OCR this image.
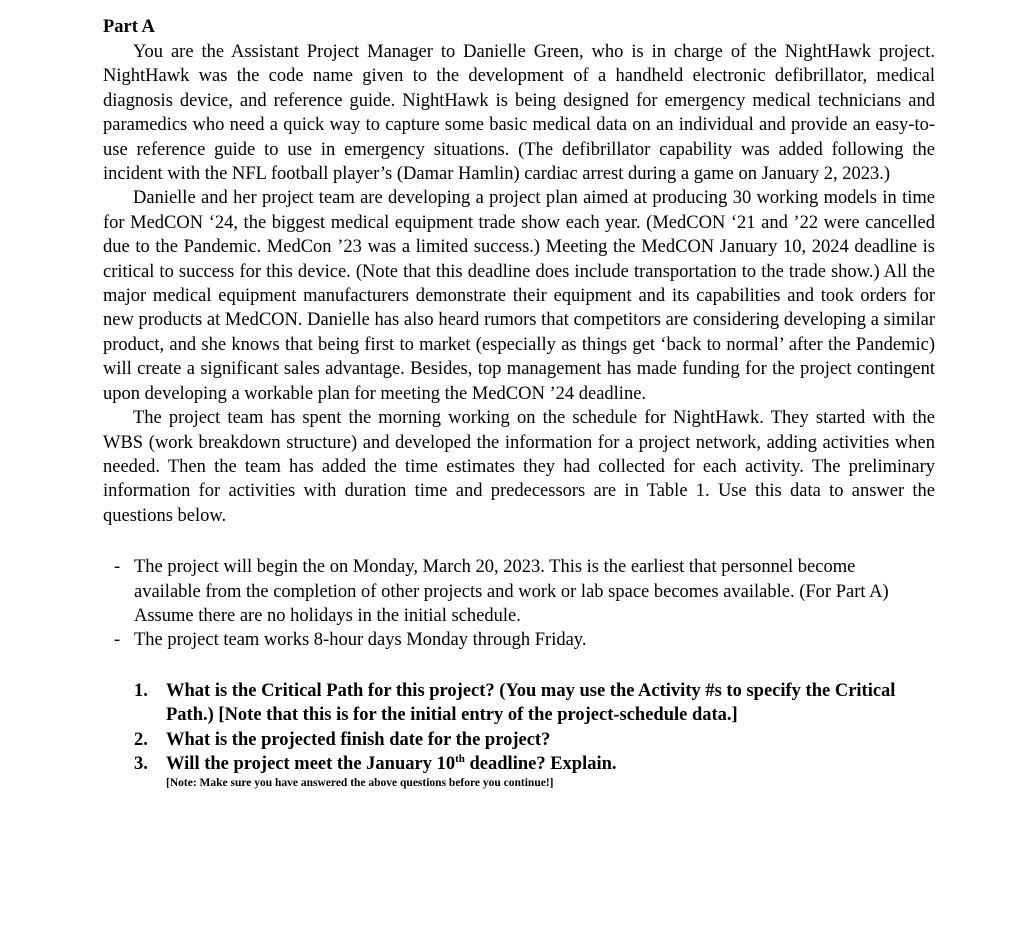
Part A

You are the Assistant Project Manager to Danielle Green, who is in charge of the NightHawk project. NightHawk was the code name given to the development of a handheld electronic defibrillator, medical diagnosis device, and reference guide. NightHawk is being designed for emergency medical technicians and paramedics who need a quick way to capture some basic medical data on an individual and provide an easy-to-use reference guide to use in emergency situations. (The defibrillator capability was added following the incident with the NFL football player’s (Damar Hamlin) cardiac arrest during a game on January 2, 2023.)

Danielle and her project team are developing a project plan aimed at producing 30 working models in time for MedCON ‘24, the biggest medical equipment trade show each year. (MedCON ‘21 and ’22 were cancelled due to the Pandemic. MedCon ’23 was a limited success.) Meeting the MedCON January 10, 2024 deadline is critical to success for this device. (Note that this deadline does include transportation to the trade show.) All the major medical equipment manufacturers demonstrate their equipment and its capabilities and took orders for new products at MedCON. Danielle has also heard rumors that competitors are considering developing a similar product, and she knows that being first to market (especially as things get ‘back to normal’ after the Pandemic) will create a significant sales advantage. Besides, top management has made funding for the project contingent upon developing a workable plan for meeting the MedCON ’24 deadline.

The project team has spent the morning working on the schedule for NightHawk. They started with the WBS (work breakdown structure) and developed the information for a project network, adding activities when needed. Then the team has added the time estimates they had collected for each activity. The preliminary information for activities with duration time and predecessors are in Table 1. Use this data to answer the questions below.

- The project will begin the on Monday, March 20, 2023. This is the earliest that personnel become available from the completion of other projects and work or lab space becomes available. (For Part A) Assume there are no holidays in the initial schedule.
- The project team works 8-hour days Monday through Friday.
1. What is the Critical Path for this project? (You may use the Activity #s to specify the Critical Path.) [Note that this is for the initial entry of the project-schedule data.]
2. What is the projected finish date for the project?
3. Will the project meet the January 10th deadline? Explain.

[Note: Make sure you have answered the above questions before you continue!]
